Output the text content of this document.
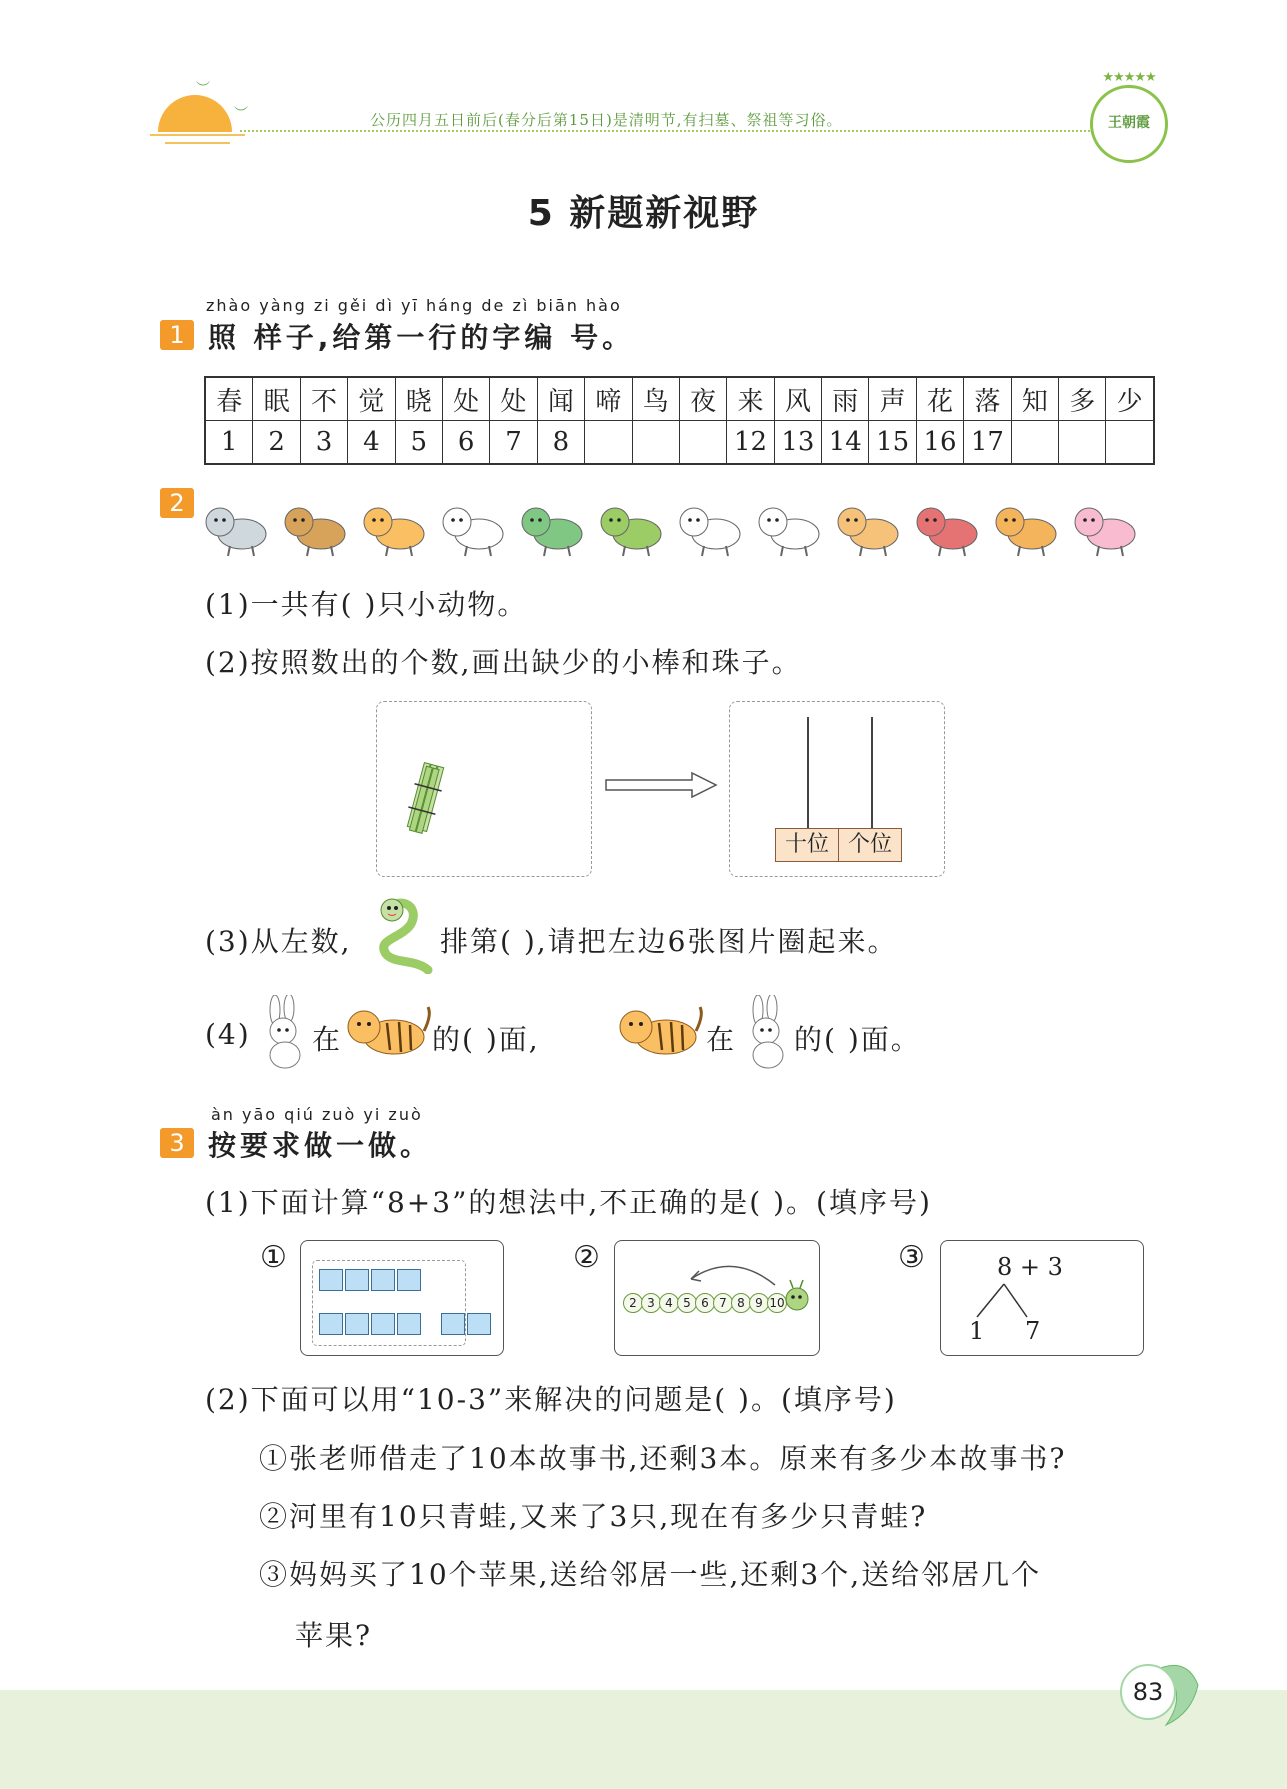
︶
︶	公历四月五日前后(春分后第15日)是清明节,有扫墓、祭祖等习俗。
★★★★★
王朝霞
5 新题新视野
zhào yàng zi gěi dì yī háng de zì biān hào
1 照 样子,给第一行的字编 号。
春	眠	不	觉	晓	处	处	闻	啼	鸟	夜	来	风	雨	声	花	落	知	多	少
1	2	3	4	5	6	7	8				12	13	14	15	16	17			
2
(1)一共有( )只小动物。
(2)按照数出的个数,画出缺少的小棒和珠子。
十位 个位
(3)从左数,	排第( ),请把左边6张图片圈起来。
(4) 在	的( )面,	在 的( )面。
àn yāo qiú zuò yi zuò
3 按要求做一做。
(1)下面计算“8+3”的想法中,不正确的是( )。(填序号)
①	②
2 3 4 5 6 7 8 9 10
③	8 + 3
1 7
(2)下面可以用“10-3”来解决的问题是( )。(填序号)
①张老师借走了10本故事书,还剩3本。原来有多少本故事书?
②河里有10只青蛙,又来了3只,现在有多少只青蛙?
③妈妈买了10个苹果,送给邻居一些,还剩3个,送给邻居几个
苹果?
83
